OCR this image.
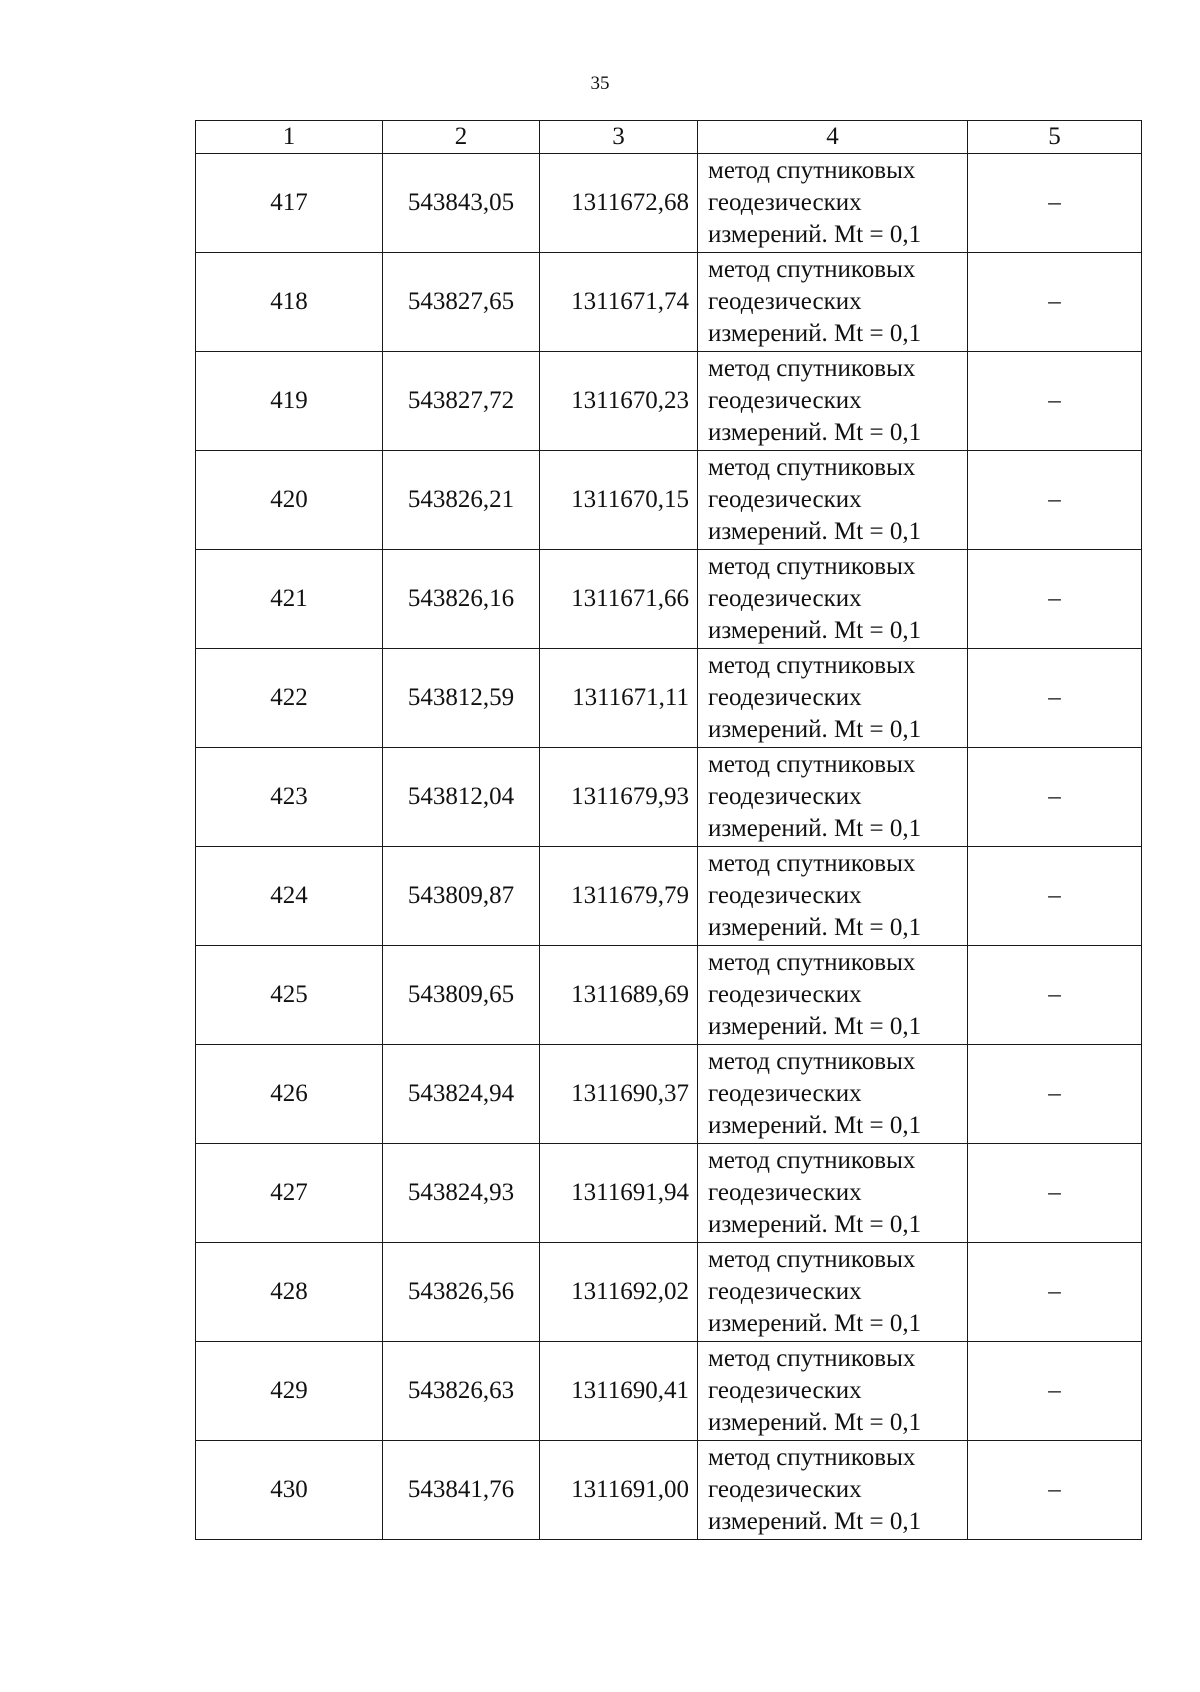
35
1	2	3	4	5
417	543843,05	1311672,68	метод спутниковых
геодезических
измерений. Mt = 0,1	–
418	543827,65	1311671,74	метод спутниковых
геодезических
измерений. Mt = 0,1	–
419	543827,72	1311670,23	метод спутниковых
геодезических
измерений. Mt = 0,1	–
420	543826,21	1311670,15	метод спутниковых
геодезических
измерений. Mt = 0,1	–
421	543826,16	1311671,66	метод спутниковых
геодезических
измерений. Mt = 0,1	–
422	543812,59	1311671,11	метод спутниковых
геодезических
измерений. Mt = 0,1	–
423	543812,04	1311679,93	метод спутниковых
геодезических
измерений. Mt = 0,1	–
424	543809,87	1311679,79	метод спутниковых
геодезических
измерений. Mt = 0,1	–
425	543809,65	1311689,69	метод спутниковых
геодезических
измерений. Mt = 0,1	–
426	543824,94	1311690,37	метод спутниковых
геодезических
измерений. Mt = 0,1	–
427	543824,93	1311691,94	метод спутниковых
геодезических
измерений. Mt = 0,1	–
428	543826,56	1311692,02	метод спутниковых
геодезических
измерений. Mt = 0,1	–
429	543826,63	1311690,41	метод спутниковых
геодезических
измерений. Mt = 0,1	–
430	543841,76	1311691,00	метод спутниковых
геодезических
измерений. Mt = 0,1	–
